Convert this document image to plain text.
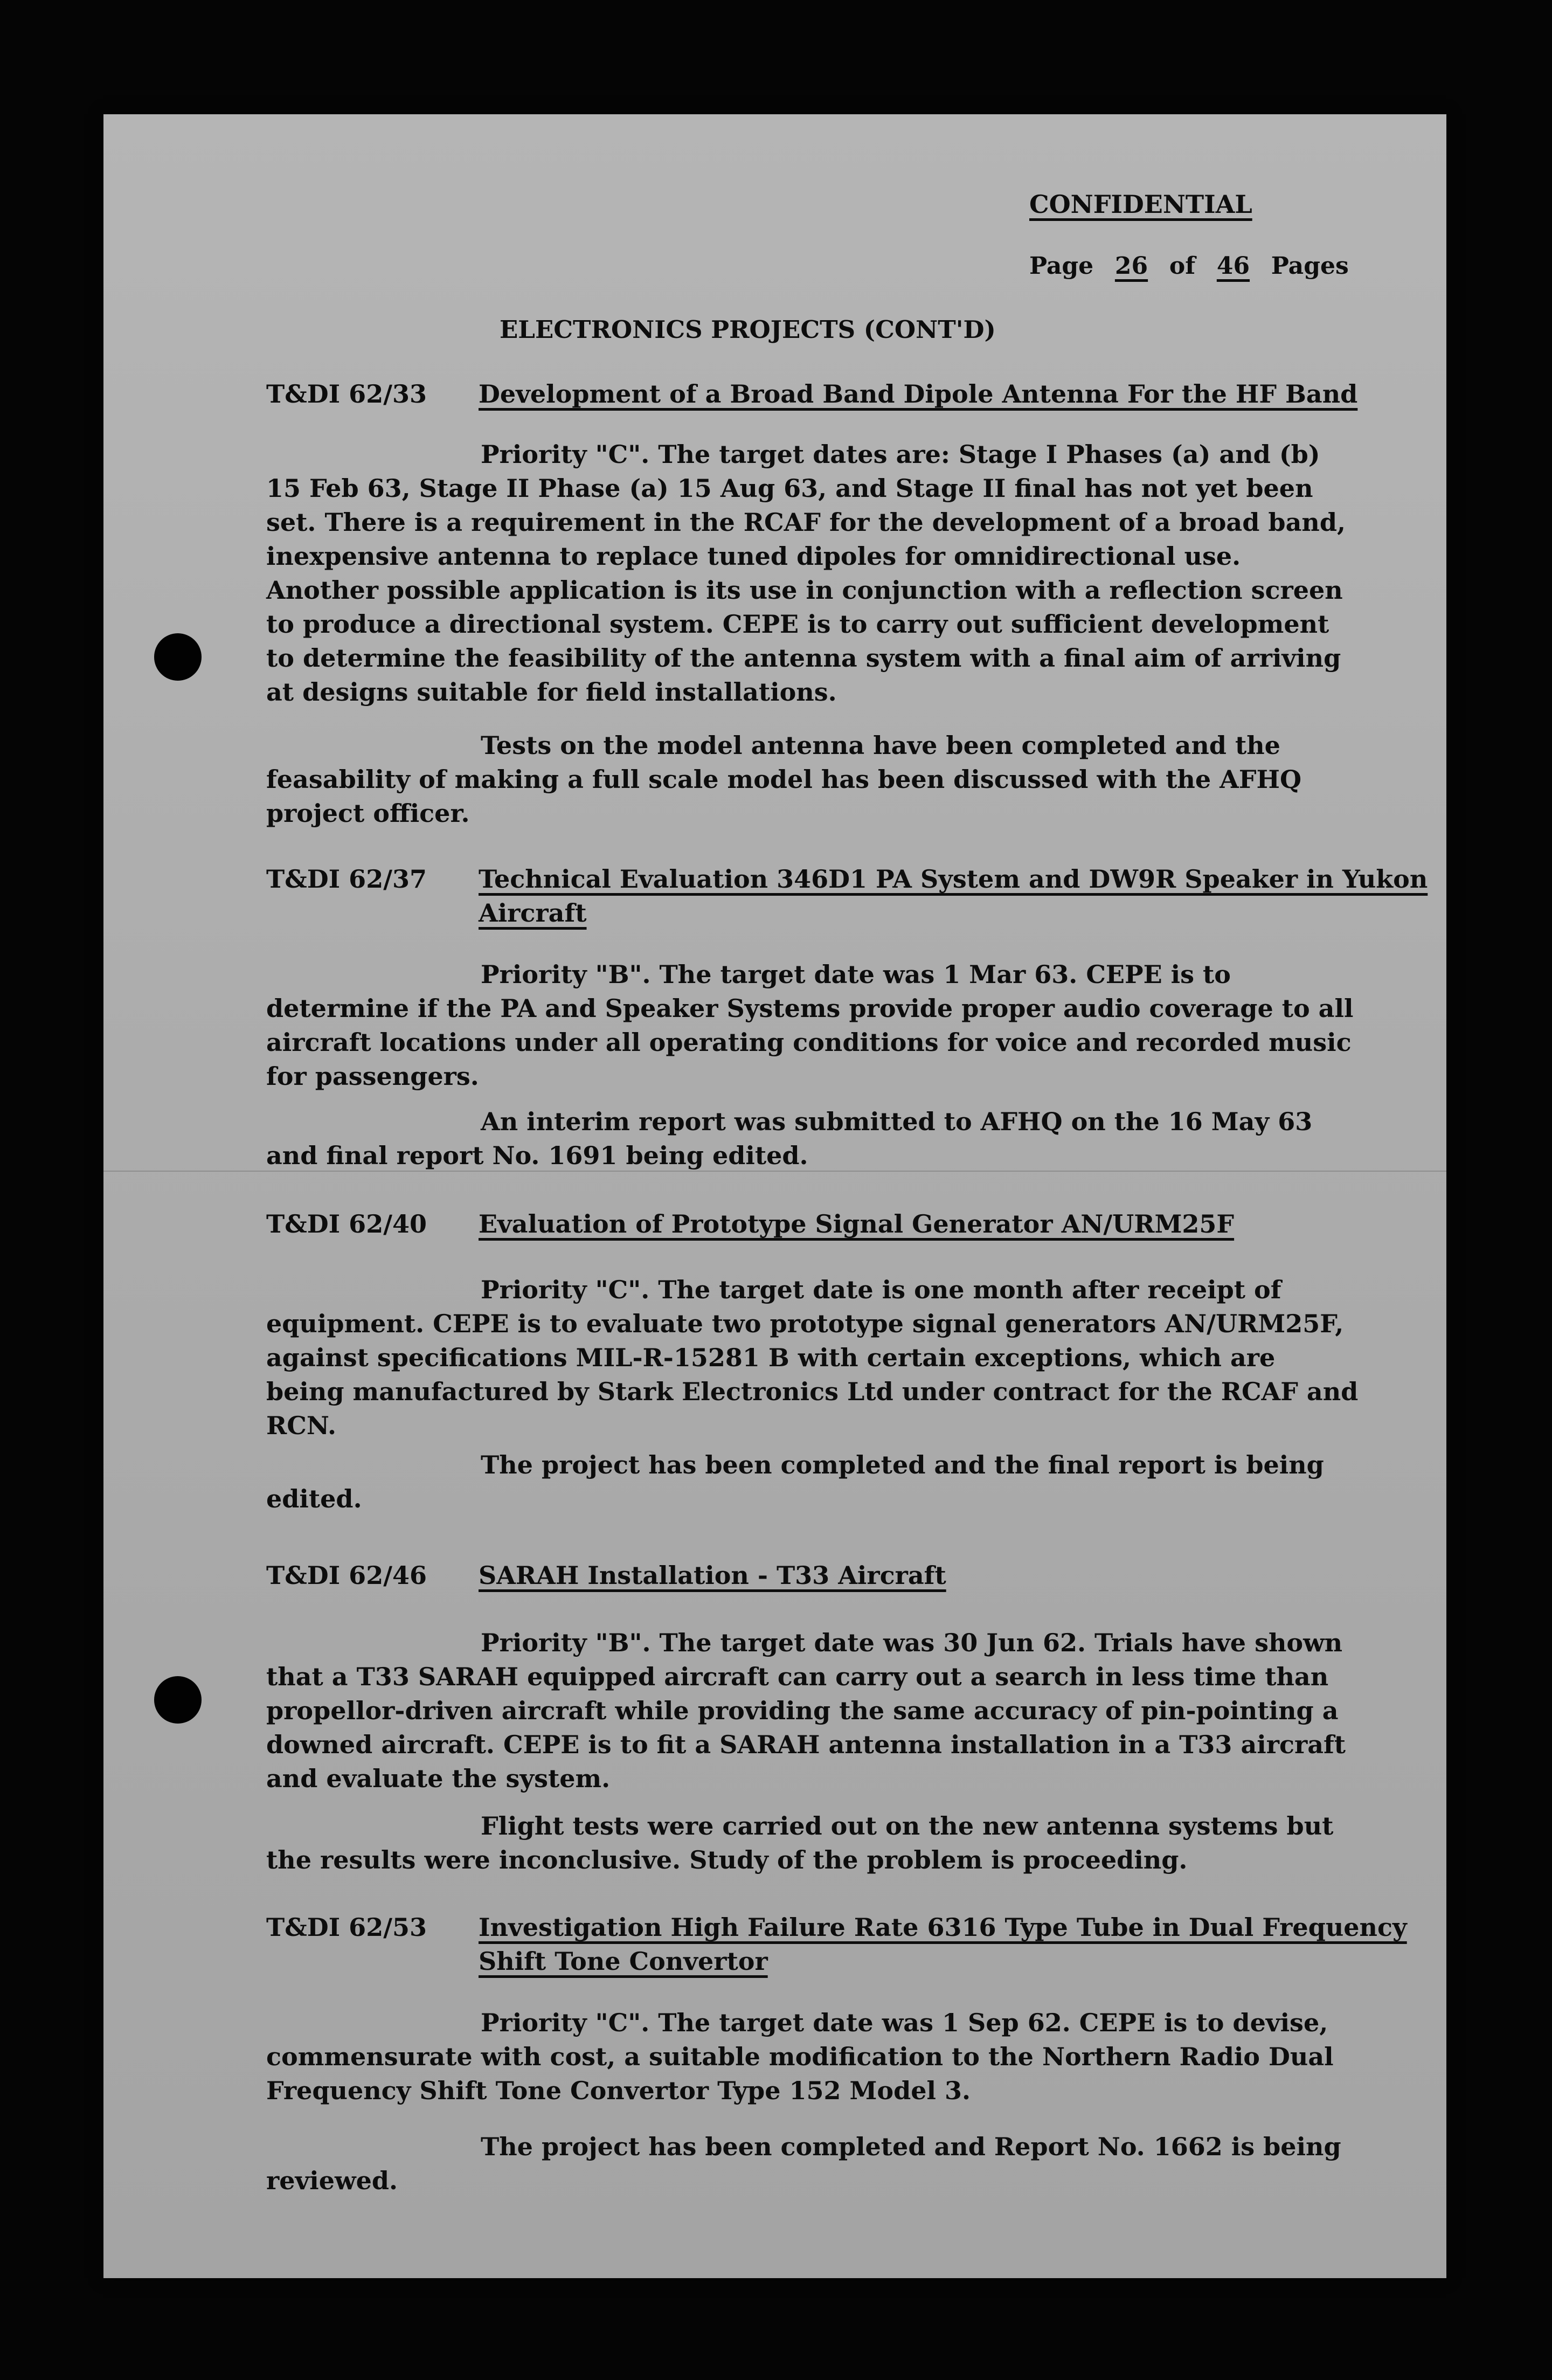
CONFIDENTIAL
Page 26 of 46 Pages
ELECTRONICS PROJECTS (CONT'D)
T&DI 62/33 Development of a Broad Band Dipole Antenna For the HF Band

Priority "C". The target dates are: Stage I Phases (a) and (b) 15 Feb 63, Stage II Phase (a) 15 Aug 63, and Stage II final has not yet been set. There is a requirement in the RCAF for the development of a broad band, inexpensive antenna to replace tuned dipoles for omnidirectional use. Another possible application is its use in conjunction with a reflection screen to produce a directional system. CEPE is to carry out sufficient development to determine the feasibility of the antenna system with a final aim of arriving at designs suitable for field installations.

Tests on the model antenna have been completed and the feasability of making a full scale model has been discussed with the AFHQ project officer.

T&DI 62/37 Technical Evaluation 346D1 PA System and DW9R Speaker in Yukon Aircraft

Priority "B". The target date was 1 Mar 63. CEPE is to determine if the PA and Speaker Systems provide proper audio coverage to all aircraft locations under all operating conditions for voice and recorded music for passengers.

An interim report was submitted to AFHQ on the 16 May 63 and final report No. 1691 being edited.

T&DI 62/40 Evaluation of Prototype Signal Generator AN/URM25F

Priority "C". The target date is one month after receipt of equipment. CEPE is to evaluate two prototype signal generators AN/URM25F, against specifications MIL-R-15281 B with certain exceptions, which are being manufactured by Stark Electronics Ltd under contract for the RCAF and RCN.

The project has been completed and the final report is being edited.

T&DI 62/46 SARAH Installation - T33 Aircraft

Priority "B". The target date was 30 Jun 62. Trials have shown that a T33 SARAH equipped aircraft can carry out a search in less time than propellor-driven aircraft while providing the same accuracy of pin-pointing a downed aircraft. CEPE is to fit a SARAH antenna installation in a T33 aircraft and evaluate the system.

Flight tests were carried out on the new antenna systems but the results were inconclusive. Study of the problem is proceeding.

T&DI 62/53 Investigation High Failure Rate 6316 Type Tube in Dual Frequency Shift Tone Convertor

Priority "C". The target date was 1 Sep 62. CEPE is to devise, commensurate with cost, a suitable modification to the Northern Radio Dual Frequency Shift Tone Convertor Type 152 Model 3.

The project has been completed and Report No. 1662 is being reviewed.
